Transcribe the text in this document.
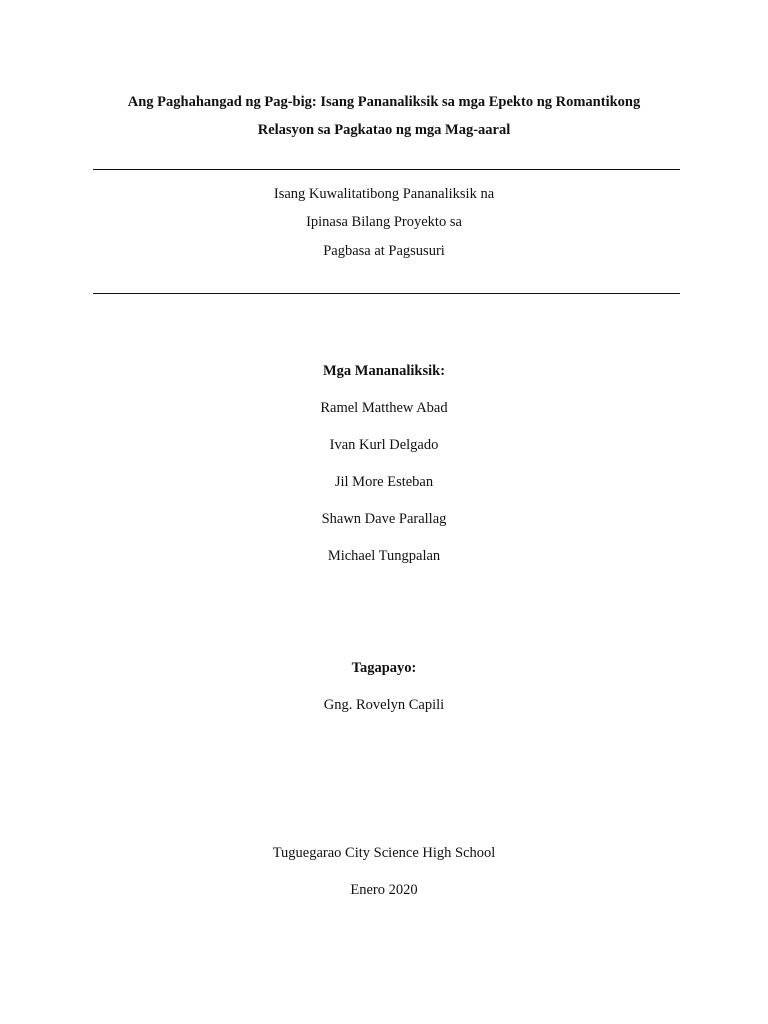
Ang Paghahangad ng Pag-big: Isang Pananaliksik sa mga Epekto ng Romantikong
Relasyon sa Pagkatao ng mga Mag-aaral
Isang Kuwalitatibong Pananaliksik na
Ipinasa Bilang Proyekto sa
Pagbasa at Pagsusuri
Mga Mananaliksik:
Ramel Matthew Abad
Ivan Kurl Delgado
Jil More Esteban
Shawn Dave Parallag
Michael Tungpalan
Tagapayo:
Gng. Rovelyn Capili
Tuguegarao City Science High School
Enero 2020
